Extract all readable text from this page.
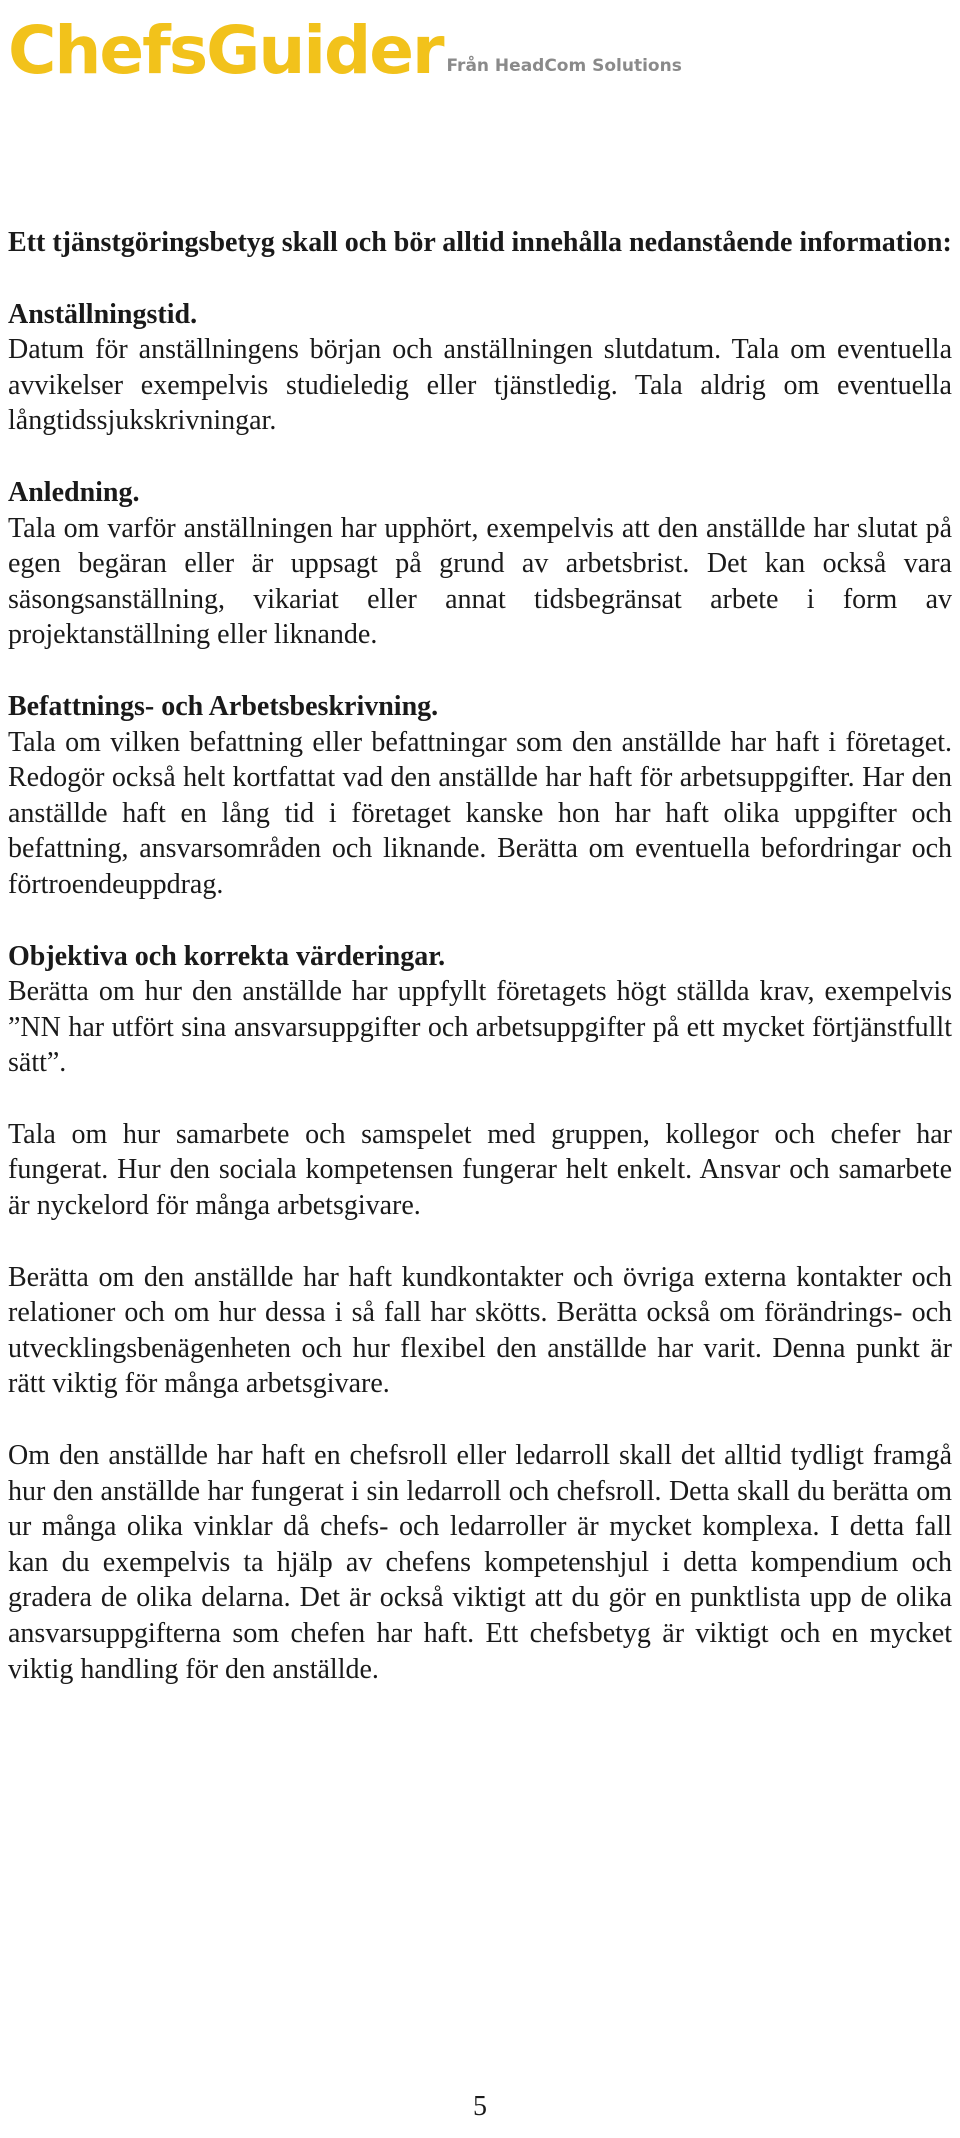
ChefsGuider Från HeadCom Solutions

Ett tjänstgöringsbetyg skall och bör alltid innehålla nedanstående information:

Anställningstid.

Datum för anställningens början och anställningen slutdatum. Tala om eventuella avvikelser exempelvis studieledig eller tjänstledig. Tala aldrig om eventuella långtidssjukskrivningar.

Anledning.

Tala om varför anställningen har upphört, exempelvis att den anställde har slutat på egen begäran eller är uppsagt på grund av arbetsbrist. Det kan också vara säsongsanställning, vikariat eller annat tidsbegränsat arbete i form av projektanställning eller liknande.

Befattnings- och Arbetsbeskrivning.

Tala om vilken befattning eller befattningar som den anställde har haft i företaget. Redogör också helt kortfattat vad den anställde har haft för arbetsuppgifter. Har den anställde haft en lång tid i företaget kanske hon har haft olika uppgifter och befattning, ansvarsområden och liknande. Berätta om eventuella befordringar och förtroendeuppdrag.

Objektiva och korrekta värderingar.

Berätta om hur den anställde har uppfyllt företagets högt ställda krav, exempelvis ”NN har utfört sina ansvarsuppgifter och arbetsuppgifter på ett mycket förtjänstfullt sätt”.

Tala om hur samarbete och samspelet med gruppen, kollegor och chefer har fungerat. Hur den sociala kompetensen fungerar helt enkelt. Ansvar och samarbete är nyckelord för många arbetsgivare.

Berätta om den anställde har haft kundkontakter och övriga externa kontakter och relationer och om hur dessa i så fall har skötts. Berätta också om förändrings- och utvecklingsbenägenheten och hur flexibel den anställde har varit. Denna punkt är rätt viktig för många arbetsgivare.

Om den anställde har haft en chefsroll eller ledarroll skall det alltid tydligt framgå hur den anställde har fungerat i sin ledarroll och chefsroll. Detta skall du berätta om ur många olika vinklar då chefs- och ledarroller är mycket komplexa. I detta fall kan du exempelvis ta hjälp av chefens kompetenshjul i detta kompendium och gradera de olika delarna. Det är också viktigt att du gör en punktlista upp de olika ansvarsuppgifterna som chefen har haft. Ett chefsbetyg är viktigt och en mycket viktig handling för den anställde.

5
